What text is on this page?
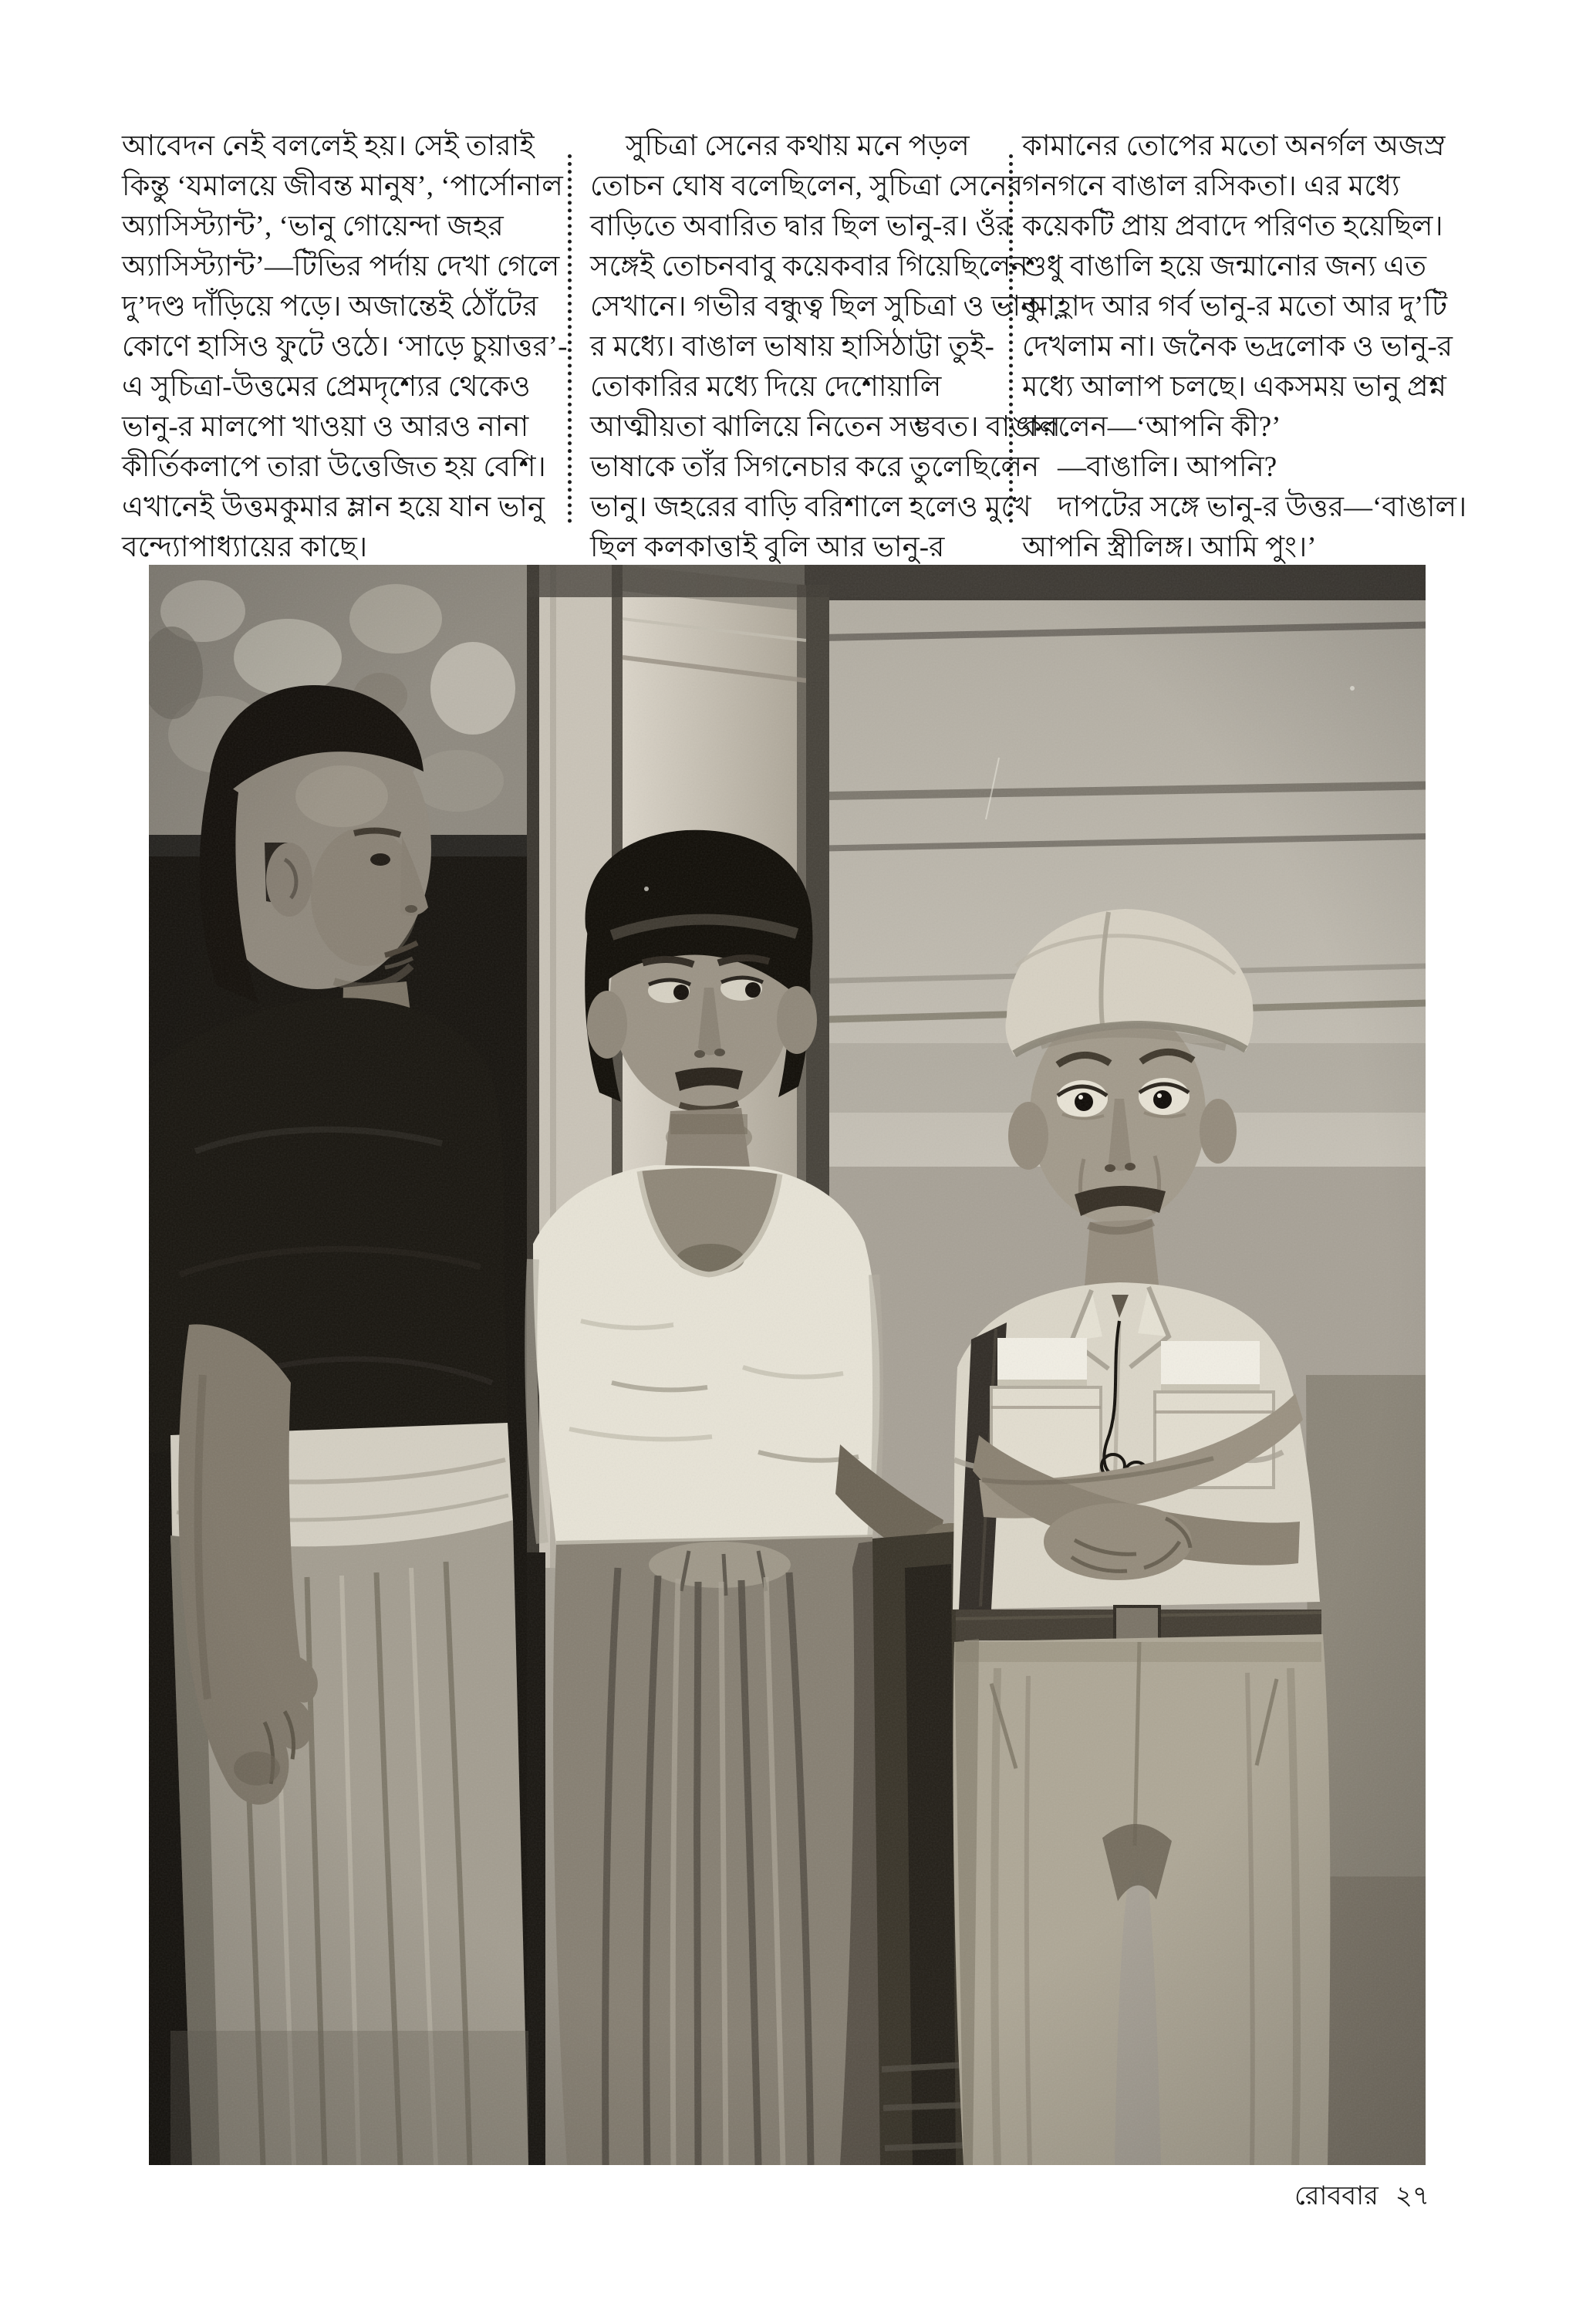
আবেদন নেই বললেই হয়। সেই তারাই
কিন্তু ‘যমালয়ে জীবন্ত মানুষ’, ‘পার্সোনাল
অ্যাসিস্ট্যান্ট’, ‘ভানু গোয়েন্দা জহর
অ্যাসিস্ট্যান্ট’—টিভির পর্দায় দেখা গেলে
দু’দণ্ড দাঁড়িয়ে পড়ে। অজান্তেই ঠোঁটের
কোণে হাসিও ফুটে ওঠে। ‘সাড়ে চুয়াত্তর’-
এ সুচিত্রা-উত্তমের প্রেমদৃশ্যের থেকেও
ভানু-র মালপো খাওয়া ও আরও নানা
কীর্তিকলাপে তারা উত্তেজিত হয় বেশি।
এখানেই উত্তমকুমার ম্লান হয়ে যান ভানু
বন্দ্যোপাধ্যায়ের কাছে।
সুচিত্রা সেনের কথায় মনে পড়ল
তোচন ঘোষ বলেছিলেন, সুচিত্রা সেনের
বাড়িতে অবারিত দ্বার ছিল ভানু-র। ওঁর
সঙ্গেই তোচনবাবু কয়েকবার গিয়েছিলেন
সেখানে। গভীর বন্ধুত্ব ছিল সুচিত্রা ও ভানু-
র মধ্যে। বাঙাল ভাষায় হাসিঠাট্টা তুই-
তোকারির মধ্যে দিয়ে দেশোয়ালি
আত্মীয়তা ঝালিয়ে নিতেন সম্ভবত। বাঙাল
ভাষাকে তাঁর সিগনেচার করে তুলেছিলেন
ভানু। জহরের বাড়ি বরিশালে হলেও মুখে
ছিল কলকাত্তাই বুলি আর ভানু-র
কামানের তোপের মতো অনর্গল অজস্র
গনগনে বাঙাল রসিকতা। এর মধ্যে
কয়েকটি প্রায় প্রবাদে পরিণত হয়েছিল।
শুধু বাঙালি হয়ে জন্মানোর জন্য এত
আহ্লাদ আর গর্ব ভানু-র মতো আর দু’টি
দেখলাম না। জনৈক ভদ্রলোক ও ভানু-র
মধ্যে আলাপ চলছে। একসময় ভানু প্রশ্ন
করলেন—‘আপনি কী?’
—বাঙালি। আপনি?
দাপটের সঙ্গে ভানু-র উত্তর—‘বাঙাল।
আপনি স্ত্রীলিঙ্গ। আমি পুং।’
রোববার ২৭
